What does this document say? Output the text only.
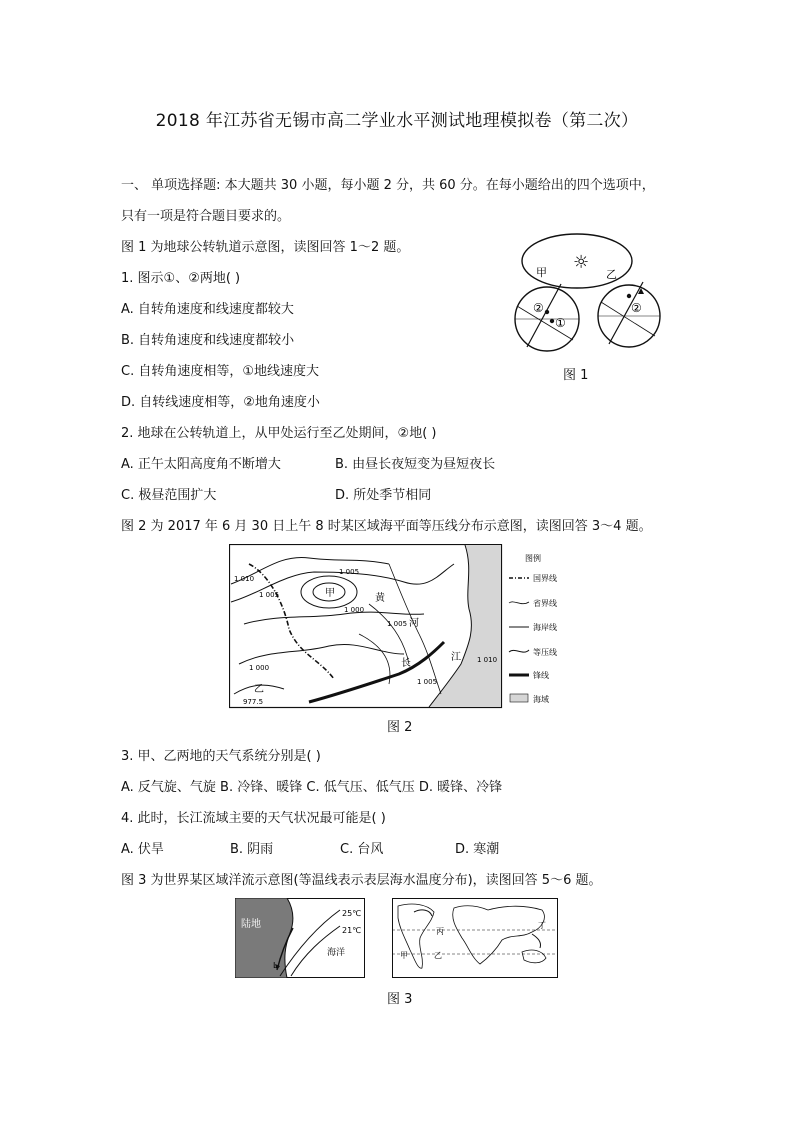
2018 年江苏省无锡市高二学业水平测试地理模拟卷（第二次）
一、 单项选择题: 本大题共 30 小题，每小题 2 分，共 60 分。在每小题给出的四个选项中，
只有一项是符合题目要求的。
图 1 为地球公转轨道示意图，读图回答 1～2 题。
1. 图示①、②两地( )
A. 自转角速度和线速度都较大
B. 自转角速度和线速度都较小
C. 自转角速度相等，①地线速度大
D. 自转线速度相等，②地角速度小
☼
甲	乙
②
①
②
图 1
2. 地球在公转轨道上，从甲处运行至乙处期间，②地( )
A. 正午太阳高度角不断增大	B. 由昼长夜短变为昼短夜长
C. 极昼范围扩大	D. 所处季节相同
图 2 为 2017 年 6 月 30 日上午 8 时某区域海平面等压线分布示意图，读图回答 3～4 题。
1 010
1 005
1 005
1 000
1 005
1 000
1 005
1 010
977.5
甲
乙
黄
河
长
江
图例
国界线
省界线
海岸线
等压线
锋线
海域
图 2
3. 甲、乙两地的天气系统分别是( )
A. 反气旋、气旋 B. 冷锋、暖锋 C. 低气压、低气压 D. 暖锋、冷锋
4. 此时，长江流域主要的天气状况最可能是( )
A. 伏旱	B. 阴雨	C. 台风	D. 寒潮
图 3 为世界某区域洋流示意图(等温线表示表层海水温度分布)，读图回答 5～6 题。
陆地
海洋
25℃
21℃
L
丙
甲	乙
丁
图 3
